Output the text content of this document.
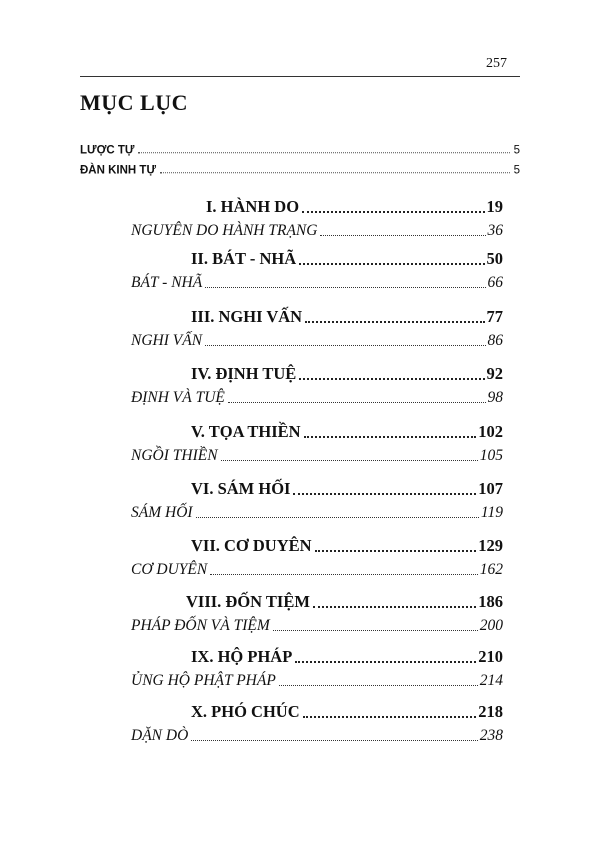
257
MỤC LỤC
LƯỢC TỰ	5
ĐÀN KINH TỰ	5
I. HÀNH DO	19
NGUYÊN DO HÀNH TRẠNG	36
II. BÁT - NHÃ	50
BÁT - NHÃ	66
III. NGHI VẤN	77
NGHI VẤN	86
IV. ĐỊNH TUỆ	92
ĐỊNH VÀ TUỆ	98
V. TỌA THIỀN	102
NGỒI THIỀN	105
VI. SÁM HỐI	107
SÁM HỐI	119
VII. CƠ DUYÊN	129
CƠ DUYÊN	162
VIII. ĐỐN TIỆM	186
PHÁP ĐỐN VÀ TIỆM	200
IX. HỘ PHÁP	210
ỦNG HỘ PHẬT PHÁP	214
X. PHÓ CHÚC	218
DẶN DÒ	238
